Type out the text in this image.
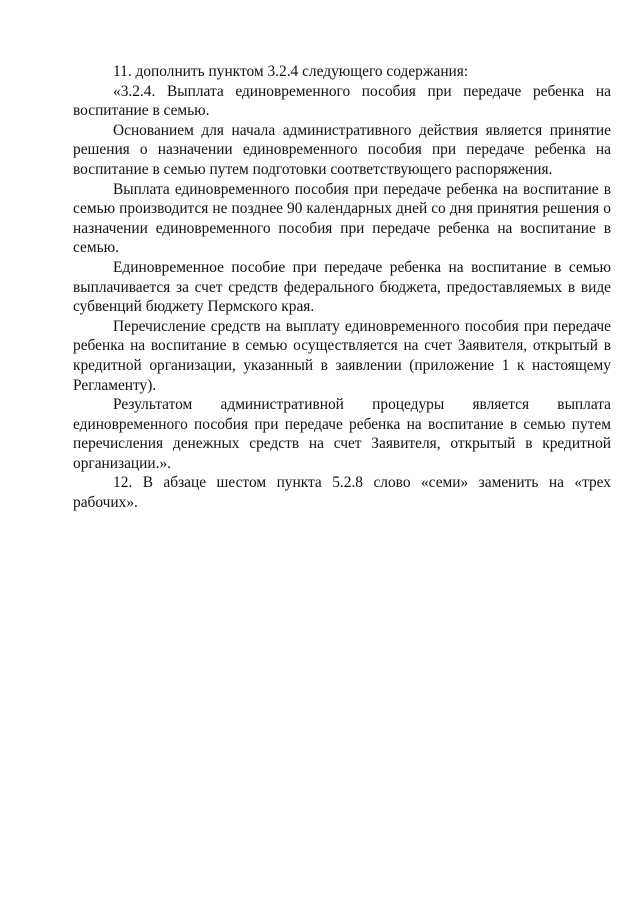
11. дополнить пунктом 3.2.4 следующего содержания:

«3.2.4. Выплата единовременного пособия при передаче ребенка на воспитание в семью.

Основанием для начала административного действия является принятие решения о назначении единовременного пособия при передаче ребенка на воспитание в семью путем подготовки соответствующего распоряжения.

Выплата единовременного пособия при передаче ребенка на воспитание в семью производится не позднее 90 календарных дней со дня принятия решения о назначении единовременного пособия при передаче ребенка на воспитание в семью.

Единовременное пособие при передаче ребенка на воспитание в семью выплачивается за счет средств федерального бюджета, предоставляемых в виде субвенций бюджету Пермского края.

Перечисление средств на выплату единовременного пособия при передаче ребенка на воспитание в семью осуществляется на счет Заявителя, открытый в кредитной организации, указанный в заявлении (приложение 1 к настоящему Регламенту).

Результатом административной процедуры является выплата единовременного пособия при передаче ребенка на воспитание в семью путем перечисления денежных средств на счет Заявителя, открытый в кредитной организации.».

12. В абзаце шестом пункта 5.2.8 слово «семи» заменить на «трех рабочих».
